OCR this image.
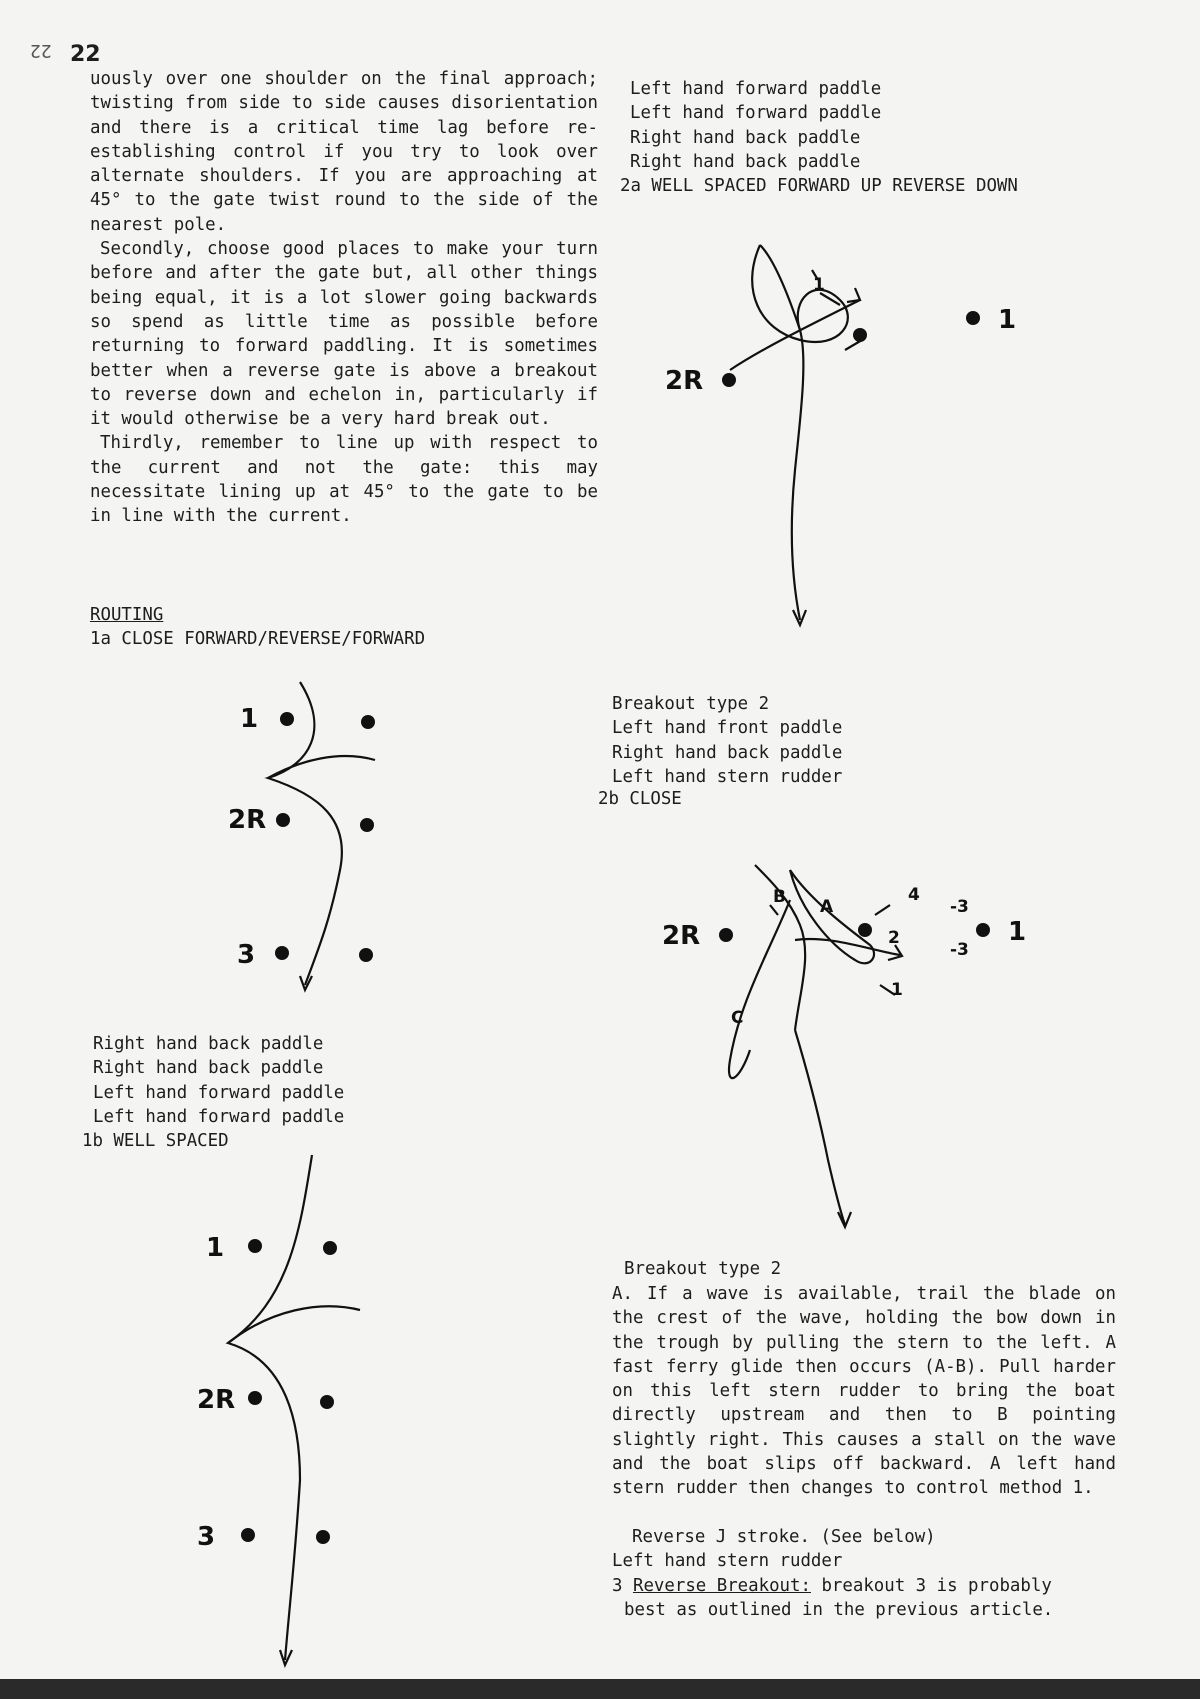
22 22

uously over one shoulder on the final approach; twisting from side to side causes disorientation and there is a critical time lag before re-establishing control if you try to look over alternate shoulders. If you are approaching at 45° to the gate twist round to the side of the nearest pole.

Secondly, choose good places to make your turn before and after the gate but, all other things being equal, it is a lot slower going backwards so spend as little time as possible before returning to forward paddling. It is sometimes better when a reverse gate is above a breakout to reverse down and echelon in, particularly if it would otherwise be a very hard break out.

Thirdly, remember to line up with respect to the current and not the gate: this may necessitate lining up at 45° to the gate to be in line with the current.

ROUTING
1a CLOSE FORWARD/REVERSE/FORWARD
1
2R
3
Right hand back paddle
Right hand back paddle
Left hand forward paddle
Left hand forward paddle
1b WELL SPACED
1
2R
3
Left hand forward paddle
Left hand forward paddle
Right hand back paddle
Right hand back paddle
2a WELL SPACED FORWARD UP REVERSE DOWN
1
2R
1
Breakout type 2
Left hand front paddle
Right hand back paddle
Left hand stern rudder
2b CLOSE
2R
B A
C
4
2
1
-3
-3
1
Breakout type 2

A. If a wave is available, trail the blade on the crest of the wave, holding the bow down in the trough by pulling the stern to the left. A fast ferry glide then occurs (A-B). Pull harder on this left stern rudder to bring the boat directly upstream and then to B pointing slightly right. This causes a stall on the wave and the boat slips off backward. A left hand stern rudder then changes to control method 1.

Reverse J stroke. (See below)
Left hand stern rudder
3 Reverse Breakout: breakout 3 is probably
best as outlined in the previous article.
